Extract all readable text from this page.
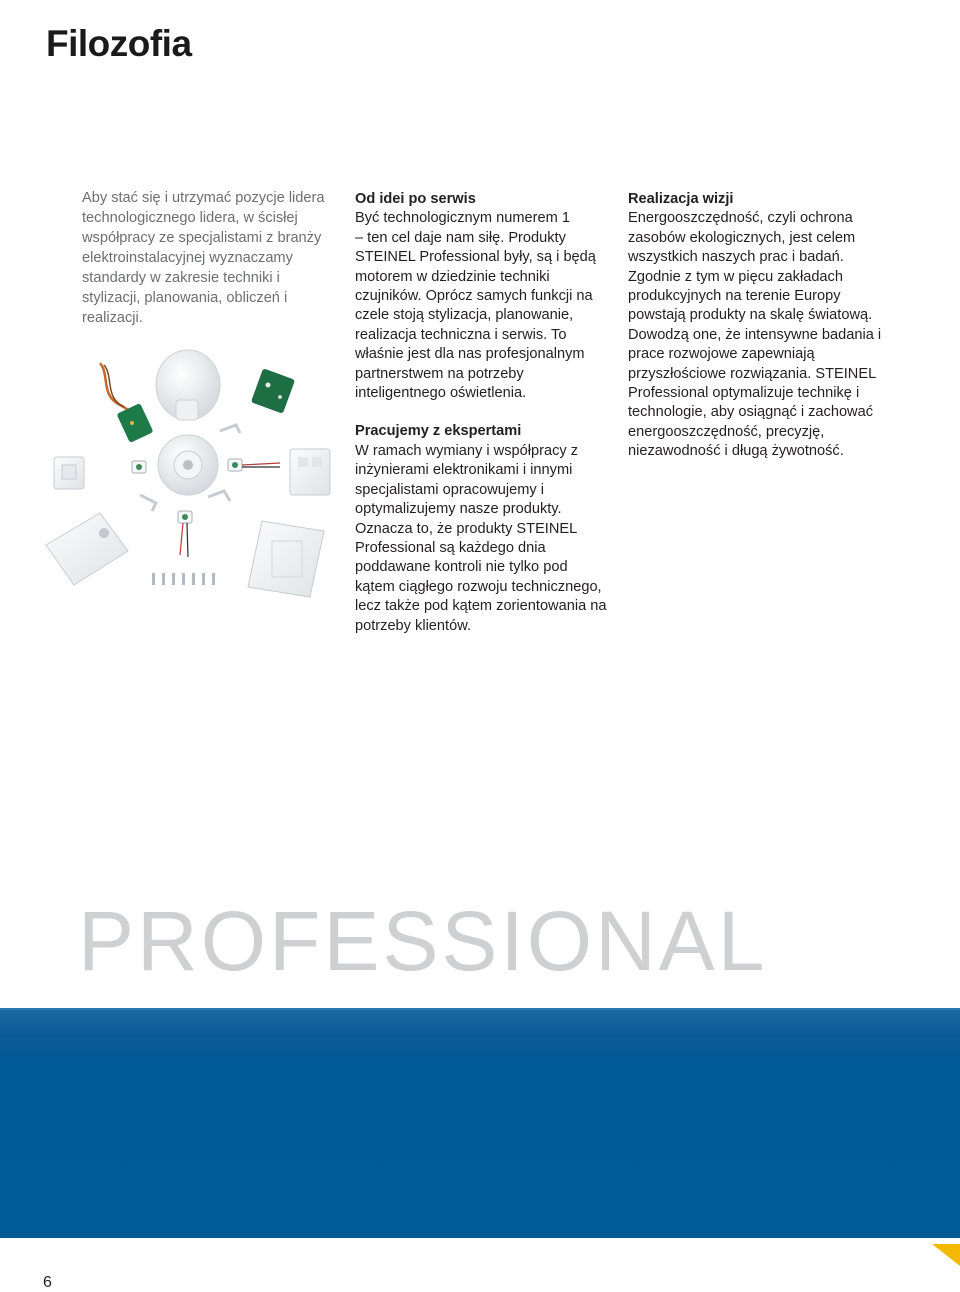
Filozofia
Aby stać się i utrzymać pozycje lidera technologicznego lidera, w ścisłej współpracy ze specjalistami z branży elektroinstalacyjnej wyznaczamy standardy w zakresie techniki i stylizacji, planowania, obliczeń i realizacji.
Od idei po serwis

Być technologicznym numerem 1
– ten cel daje nam siłę. Produkty STEINEL Professional były, są i będą motorem w dziedzinie techniki czujników. Oprócz samych funkcji na czele stoją stylizacja, planowanie, realizacja techniczna i serwis. To właśnie jest dla nas profesjonalnym partnerstwem na potrzeby inteligentnego oświetlenia.

Pracujemy z ekspertami

W ramach wymiany i współpracy z inżynierami elektronikami i innymi specjalistami opracowujemy i optymalizujemy nasze produkty. Oznacza to, że produkty STEINEL Professional są każdego dnia poddawane kontroli nie tylko pod kątem ciągłego rozwoju technicznego, lecz także pod kątem zorientowania na potrzeby klientów.

Realizacja wizji

Energooszczędność, czyli ochrona zasobów ekologicznych, jest celem wszystkich naszych prac i badań. Zgodnie z tym w pięcu zakładach produkcyjnych na terenie Europy powstają produkty na skalę światową. Dowodzą one, że intensywne badania i prace rozwojowe zapewniają przyszłościowe rozwiązania. STEINEL Professional optymalizuje technikę i technologie, aby osiągnąć i zachować energooszczędność, precyzję, niezawodność i długą żywotność.

PROFESSIONAL
6
